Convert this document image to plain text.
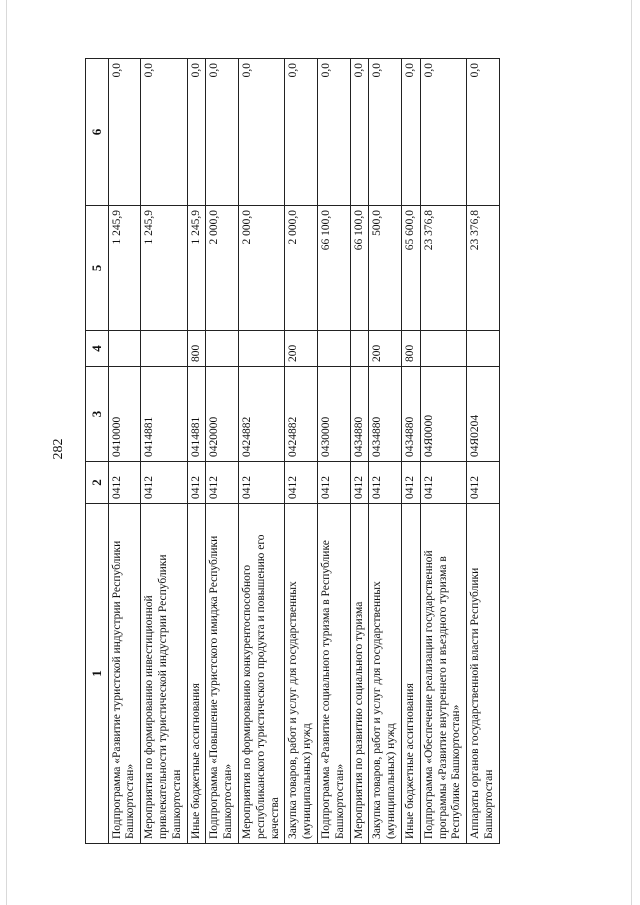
282
1	2	3	4	5	6
Подпрограмма «Развитие туристской индустрии Республики Башкортостан»	0412	0410000		1 245,9	0,0
Мероприятия по формированию инвестиционной привлекательности туристической индустрии Республики Башкортостан	0412	0414881		1 245,9	0,0
Иные бюджетные ассигнования	0412	0414881	800	1 245,9	0,0
Подпрограмма «Повышение туристского имиджа Республики Башкортостан»	0412	0420000		2 000,0	0,0
Мероприятия по формированию конкурентоспособного республиканского туристического продукта и повышению его качества	0412	0424882		2 000,0	0,0
Закупка товаров, работ и услуг для государственных (муниципальных) нужд	0412	0424882	200	2 000,0	0,0
Подпрограмма «Развитие социального туризма в Республике Башкортостан»	0412	0430000		66 100,0	0,0
Мероприятия по развитию социального туризма	0412	0434880		66 100,0	0,0
Закупка товаров, работ и услуг для государственных (муниципальных) нужд	0412	0434880	200	500,0	0,0
Иные бюджетные ассигнования	0412	0434880	800	65 600,0	0,0
Подпрограмма «Обеспечение реализации государственной программы «Развитие внутреннего и въездного туризма в Республике Башкортостан»	0412	04Я0000		23 376,8	0,0
Аппараты органов государственной власти Республики Башкортостан	0412	04Я0204		23 376,8	0,0
